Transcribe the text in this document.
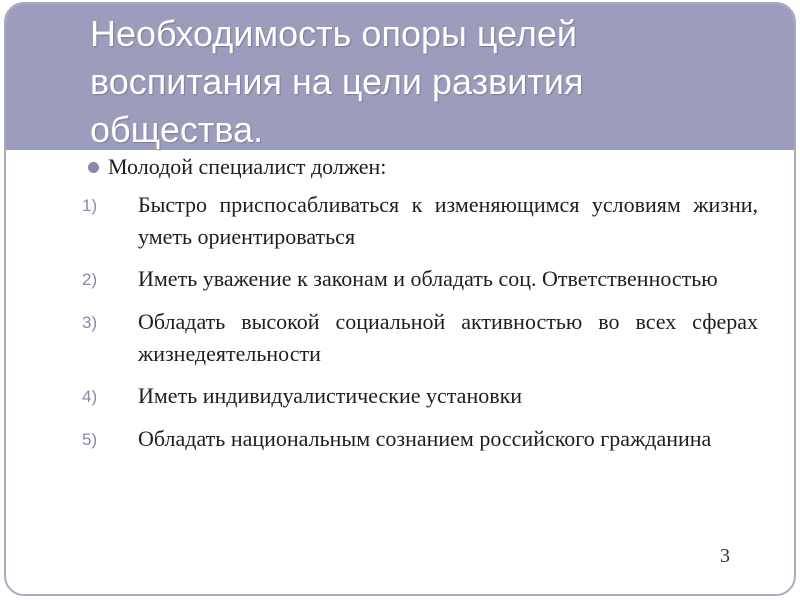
Необходимость опоры целей воспитания на цели развития общества.
Молодой специалист должен:
1)	Быстро приспосабливаться к изменяющимся условиям жизни, уметь ориентироваться
2)	Иметь уважение к законам и обладать соц. Ответственностью
3)	Обладать высокой социальной активностью во всех сферах жизнедеятельности
4)	Иметь индивидуалистические установки
5)	Обладать национальным сознанием российского гражданина
3
